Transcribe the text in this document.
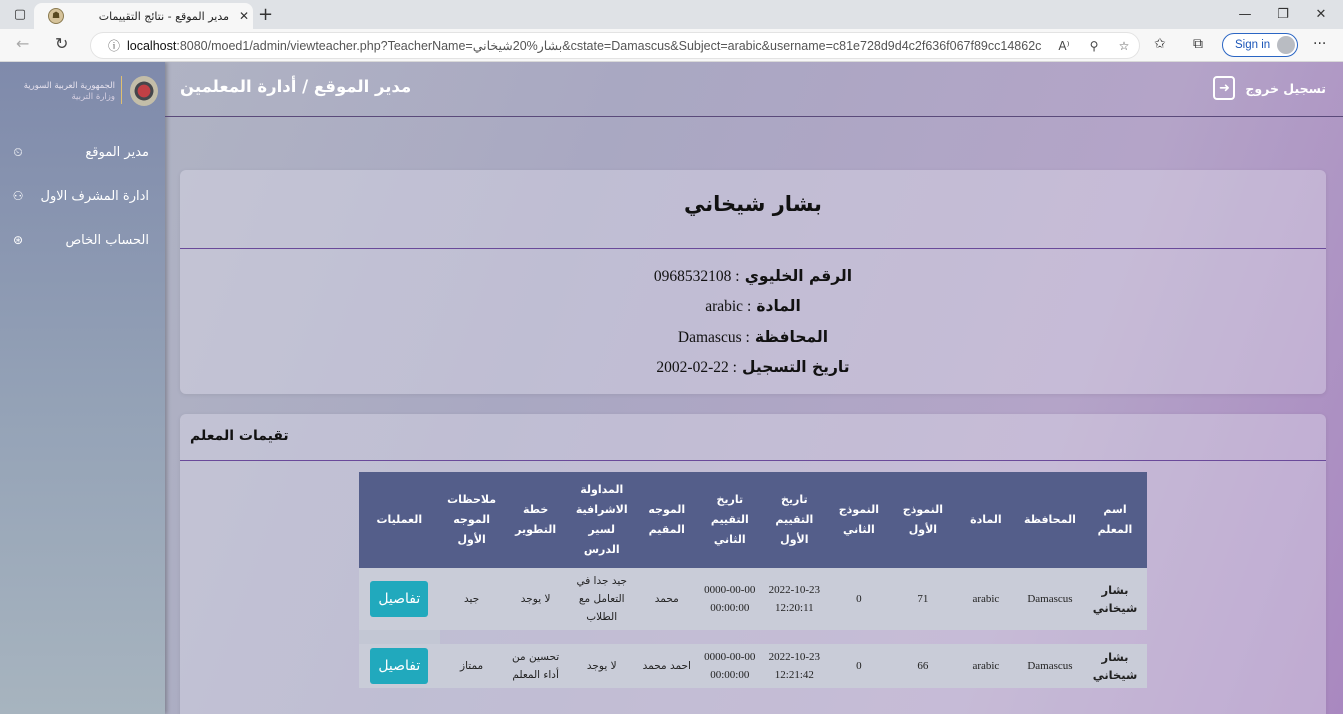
▢	☗	مدير الموقع - نتائج التقييمات ✕ +	—	❐	✕
← ↻	ⓘ localhost:8080/moed1/admin/viewteacher.php?TeacherName=بشار%20شيخاني&cstate=Damascus&Subject=arabic&username=c81e728d9d4c2f636f067f89cc14862c	A⁾	⚲	☆	✩ ⧉	Sign in	···
الجمهورية العربية السورية
وزارة التربية
مدير الموقع
⏲
ادارة المشرف الاول
⚇
الحساب الخاص
⊛
مدير الموقع / أدارة المعلمين	تسجيل خروج
➜
بشار شيخاني
الرقم الخليوي : 0968532108
المادة : arabic
المحافظة : Damascus
تاريخ التسجيل : 22-02-2002
تقيمات المعلم
اسم المعلم	المحافظة	المادة	النموذج الأول	النموذج الثاني	تاريخ التقييم الأول	تاريخ التقييم الثاني	الموجه المقيم	المداولة الاشرافية لسير الدرس	خطة التطوير	ملاحظات الموجه الأول	العمليات
بشار شيخاني	Damascus	arabic	71	0	2022-10-23 12:20:11	0000-00-00 00:00:00	محمد	جيد جدا في التعامل مع الطلاب	لا يوجد	جيد	تفاصيل

بشار شيخاني	Damascus	arabic	66	0	2022-10-23 12:21:42	0000-00-00 00:00:00	احمد محمد	لا يوجد	تحسين من أداء المعلم	ممتاز	تفاصيل
